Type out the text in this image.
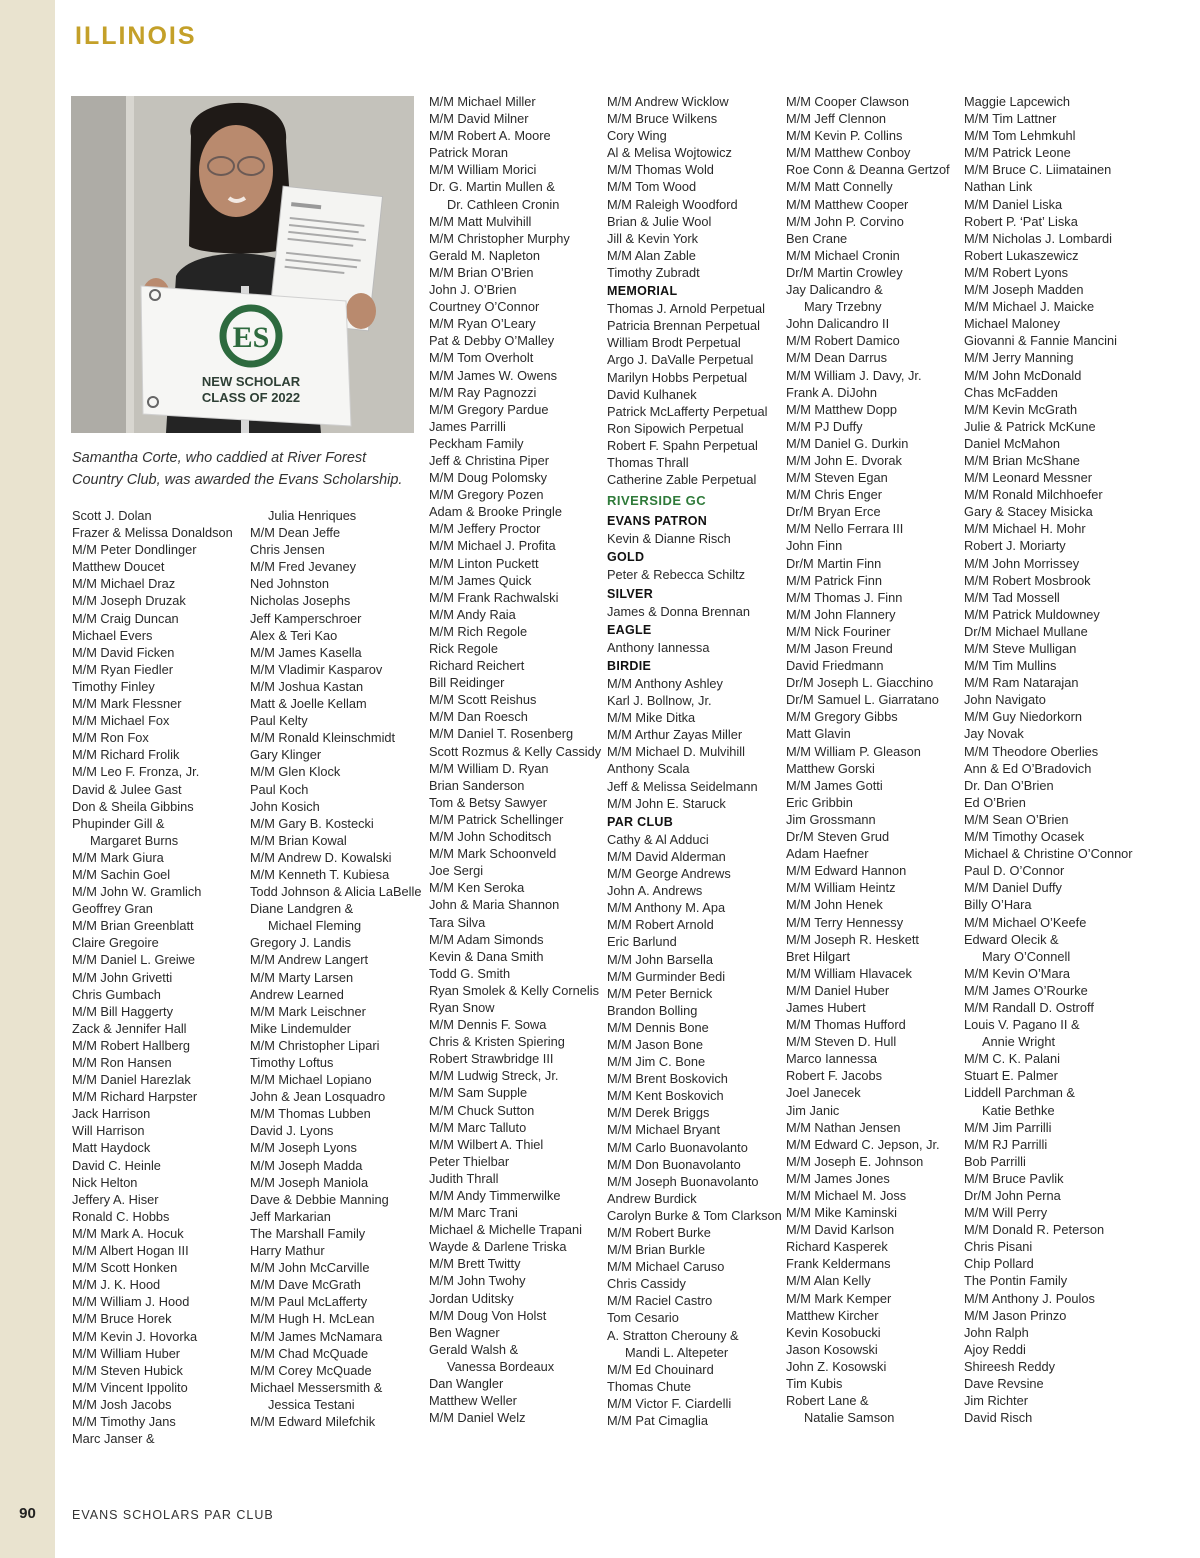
90	EVANS SCHOLARS PAR CLUB
ILLINOIS
ES
NEW SCHOLAR
CLASS OF 2022
Samantha Corte, who caddied at River Forest Country Club, was awarded the Evans Scholarship.
Scott J. Dolan
Frazer & Melissa Donaldson
M/M Peter Dondlinger
Matthew Doucet
M/M Michael Draz
M/M Joseph Druzak
M/M Craig Duncan
Michael Evers
M/M David Ficken
M/M Ryan Fiedler
Timothy Finley
M/M Mark Flessner
M/M Michael Fox
M/M Ron Fox
M/M Richard Frolik
M/M Leo F. Fronza, Jr.
David & Julee Gast
Don & Sheila Gibbins
Phupinder Gill &
Margaret Burns
M/M Mark Giura
M/M Sachin Goel
M/M John W. Gramlich
Geoffrey Gran
M/M Brian Greenblatt
Claire Gregoire
M/M Daniel L. Greiwe
M/M John Grivetti
Chris Gumbach
M/M Bill Haggerty
Zack & Jennifer Hall
M/M Robert Hallberg
M/M Ron Hansen
M/M Daniel Harezlak
M/M Richard Harpster
Jack Harrison
Will Harrison
Matt Haydock
David C. Heinle
Nick Helton
Jeffery A. Hiser
Ronald C. Hobbs
M/M Mark A. Hocuk
M/M Albert Hogan III
M/M Scott Honken
M/M J. K. Hood
M/M William J. Hood
M/M Bruce Horek
M/M Kevin J. Hovorka
M/M William Huber
M/M Steven Hubick
M/M Vincent Ippolito
M/M Josh Jacobs
M/M Timothy Jans
Marc Janser &
Julia Henriques
M/M Dean Jeffe
Chris Jensen
M/M Fred Jevaney
Ned Johnston
Nicholas Josephs
Jeff Kamperschroer
Alex & Teri Kao
M/M James Kasella
M/M Vladimir Kasparov
M/M Joshua Kastan
Matt & Joelle Kellam
Paul Kelty
M/M Ronald Kleinschmidt
Gary Klinger
M/M Glen Klock
Paul Koch
John Kosich
M/M Gary B. Kostecki
M/M Brian Kowal
M/M Andrew D. Kowalski
M/M Kenneth T. Kubiesa
Todd Johnson & Alicia LaBelle
Diane Landgren &
Michael Fleming
Gregory J. Landis
M/M Andrew Langert
M/M Marty Larsen
Andrew Learned
M/M Mark Leischner
Mike Lindemulder
M/M Christopher Lipari
Timothy Loftus
M/M Michael Lopiano
John & Jean Losquadro
M/M Thomas Lubben
David J. Lyons
M/M Joseph Lyons
M/M Joseph Madda
M/M Joseph Maniola
Dave & Debbie Manning
Jeff Markarian
The Marshall Family
Harry Mathur
M/M John McCarville
M/M Dave McGrath
M/M Paul McLafferty
M/M Hugh H. McLean
M/M James McNamara
M/M Chad McQuade
M/M Corey McQuade
Michael Messersmith &
Jessica Testani
M/M Edward Milefchik
M/M Michael Miller
M/M David Milner
M/M Robert A. Moore
Patrick Moran
M/M William Morici
Dr. G. Martin Mullen &
Dr. Cathleen Cronin
M/M Matt Mulvihill
M/M Christopher Murphy
Gerald M. Napleton
M/M Brian O’Brien
John J. O’Brien
Courtney O’Connor
M/M Ryan O’Leary
Pat & Debby O’Malley
M/M Tom Overholt
M/M James W. Owens
M/M Ray Pagnozzi
M/M Gregory Pardue
James Parrilli
Peckham Family
Jeff & Christina Piper
M/M Doug Polomsky
M/M Gregory Pozen
Adam & Brooke Pringle
M/M Jeffery Proctor
M/M Michael J. Profita
M/M Linton Puckett
M/M James Quick
M/M Frank Rachwalski
M/M Andy Raia
M/M Rich Regole
Rick Regole
Richard Reichert
Bill Reidinger
M/M Scott Reishus
M/M Dan Roesch
M/M Daniel T. Rosenberg
Scott Rozmus & Kelly Cassidy
M/M William D. Ryan
Brian Sanderson
Tom & Betsy Sawyer
M/M Patrick Schellinger
M/M John Schoditsch
M/M Mark Schoonveld
Joe Sergi
M/M Ken Seroka
John & Maria Shannon
Tara Silva
M/M Adam Simonds
Kevin & Dana Smith
Todd G. Smith
Ryan Smolek & Kelly Cornelis
Ryan Snow
M/M Dennis F. Sowa
Chris & Kristen Spiering
Robert Strawbridge III
M/M Ludwig Streck, Jr.
M/M Sam Supple
M/M Chuck Sutton
M/M Marc Talluto
M/M Wilbert A. Thiel
Peter Thielbar
Judith Thrall
M/M Andy Timmerwilke
M/M Marc Trani
Michael & Michelle Trapani
Wayde & Darlene Triska
M/M Brett Twitty
M/M John Twohy
Jordan Uditsky
M/M Doug Von Holst
Ben Wagner
Gerald Walsh &
Vanessa Bordeaux
Dan Wangler
Matthew Weller
M/M Daniel Welz
M/M Andrew Wicklow
M/M Bruce Wilkens
Cory Wing
Al & Melisa Wojtowicz
M/M Thomas Wold
M/M Tom Wood
M/M Raleigh Woodford
Brian & Julie Wool
Jill & Kevin York
M/M Alan Zable
Timothy Zubradt
MEMORIAL
Thomas J. Arnold Perpetual
Patricia Brennan Perpetual
William Brodt Perpetual
Argo J. DaValle Perpetual
Marilyn Hobbs Perpetual
David Kulhanek
Patrick McLafferty Perpetual
Ron Sipowich Perpetual
Robert F. Spahn Perpetual
Thomas Thrall
Catherine Zable Perpetual
RIVERSIDE GC
EVANS PATRON
Kevin & Dianne Risch
GOLD
Peter & Rebecca Schiltz
SILVER
James & Donna Brennan
EAGLE
Anthony Iannessa
BIRDIE
M/M Anthony Ashley
Karl J. Bollnow, Jr.
M/M Mike Ditka
M/M Arthur Zayas Miller
M/M Michael D. Mulvihill
Anthony Scala
Jeff & Melissa Seidelmann
M/M John E. Staruck
PAR CLUB
Cathy & Al Adduci
M/M David Alderman
M/M George Andrews
John A. Andrews
M/M Anthony M. Apa
M/M Robert Arnold
Eric Barlund
M/M John Barsella
M/M Gurminder Bedi
M/M Peter Bernick
Brandon Bolling
M/M Dennis Bone
M/M Jason Bone
M/M Jim C. Bone
M/M Brent Boskovich
M/M Kent Boskovich
M/M Derek Briggs
M/M Michael Bryant
M/M Carlo Buonavolanto
M/M Don Buonavolanto
M/M Joseph Buonavolanto
Andrew Burdick
Carolyn Burke & Tom Clarkson
M/M Robert Burke
M/M Brian Burkle
M/M Michael Caruso
Chris Cassidy
M/M Raciel Castro
Tom Cesario
A. Stratton Cherouny &
Mandi L. Altepeter
M/M Ed Chouinard
Thomas Chute
M/M Victor F. Ciardelli
M/M Pat Cimaglia
M/M Cooper Clawson
M/M Jeff Clennon
M/M Kevin P. Collins
M/M Matthew Conboy
Roe Conn & Deanna Gertzof
M/M Matt Connelly
M/M Matthew Cooper
M/M John P. Corvino
Ben Crane
M/M Michael Cronin
Dr/M Martin Crowley
Jay Dalicandro &
Mary Trzebny
John Dalicandro II
M/M Robert Damico
M/M Dean Darrus
M/M William J. Davy, Jr.
Frank A. DiJohn
M/M Matthew Dopp
M/M PJ Duffy
M/M Daniel G. Durkin
M/M John E. Dvorak
M/M Steven Egan
M/M Chris Enger
Dr/M Bryan Erce
M/M Nello Ferrara III
John Finn
Dr/M Martin Finn
M/M Patrick Finn
M/M Thomas J. Finn
M/M John Flannery
M/M Nick Fouriner
M/M Jason Freund
David Friedmann
Dr/M Joseph L. Giacchino
Dr/M Samuel L. Giarratano
M/M Gregory Gibbs
Matt Glavin
M/M William P. Gleason
Matthew Gorski
M/M James Gotti
Eric Gribbin
Jim Grossmann
Dr/M Steven Grud
Adam Haefner
M/M Edward Hannon
M/M William Heintz
M/M John Henek
M/M Terry Hennessy
M/M Joseph R. Heskett
Bret Hilgart
M/M William Hlavacek
M/M Daniel Huber
James Hubert
M/M Thomas Hufford
M/M Steven D. Hull
Marco Iannessa
Robert F. Jacobs
Joel Janecek
Jim Janic
M/M Nathan Jensen
M/M Edward C. Jepson, Jr.
M/M Joseph E. Johnson
M/M James Jones
M/M Michael M. Joss
M/M Mike Kaminski
M/M David Karlson
Richard Kasperek
Frank Keldermans
M/M Alan Kelly
M/M Mark Kemper
Matthew Kircher
Kevin Kosobucki
Jason Kosowski
John Z. Kosowski
Tim Kubis
Robert Lane &
Natalie Samson
Maggie Lapcewich
M/M Tim Lattner
M/M Tom Lehmkuhl
M/M Patrick Leone
M/M Bruce C. Liimatainen
Nathan Link
M/M Daniel Liska
Robert P. ‘Pat’ Liska
M/M Nicholas J. Lombardi
Robert Lukaszewicz
M/M Robert Lyons
M/M Joseph Madden
M/M Michael J. Maicke
Michael Maloney
Giovanni & Fannie Mancini
M/M Jerry Manning
M/M John McDonald
Chas McFadden
M/M Kevin McGrath
Julie & Patrick McKune
Daniel McMahon
M/M Brian McShane
M/M Leonard Messner
M/M Ronald Milchhoefer
Gary & Stacey Misicka
M/M Michael H. Mohr
Robert J. Moriarty
M/M John Morrissey
M/M Robert Mosbrook
M/M Tad Mossell
M/M Patrick Muldowney
Dr/M Michael Mullane
M/M Steve Mulligan
M/M Tim Mullins
M/M Ram Natarajan
John Navigato
M/M Guy Niedorkorn
Jay Novak
M/M Theodore Oberlies
Ann & Ed O’Bradovich
Dr. Dan O’Brien
Ed O’Brien
M/M Sean O’Brien
M/M Timothy Ocasek
Michael & Christine O’Connor
Paul D. O’Connor
M/M Daniel Duffy
Billy O’Hara
M/M Michael O’Keefe
Edward Olecik &
Mary O’Connell
M/M Kevin O’Mara
M/M James O’Rourke
M/M Randall D. Ostroff
Louis V. Pagano II &
Annie Wright
M/M C. K. Palani
Stuart E. Palmer
Liddell Parchman &
Katie Bethke
M/M Jim Parrilli
M/M RJ Parrilli
Bob Parrilli
M/M Bruce Pavlik
Dr/M John Perna
M/M Will Perry
M/M Donald R. Peterson
Chris Pisani
Chip Pollard
The Pontin Family
M/M Anthony J. Poulos
M/M Jason Prinzo
John Ralph
Ajoy Reddi
Shireesh Reddy
Dave Revsine
Jim Richter
David Risch
